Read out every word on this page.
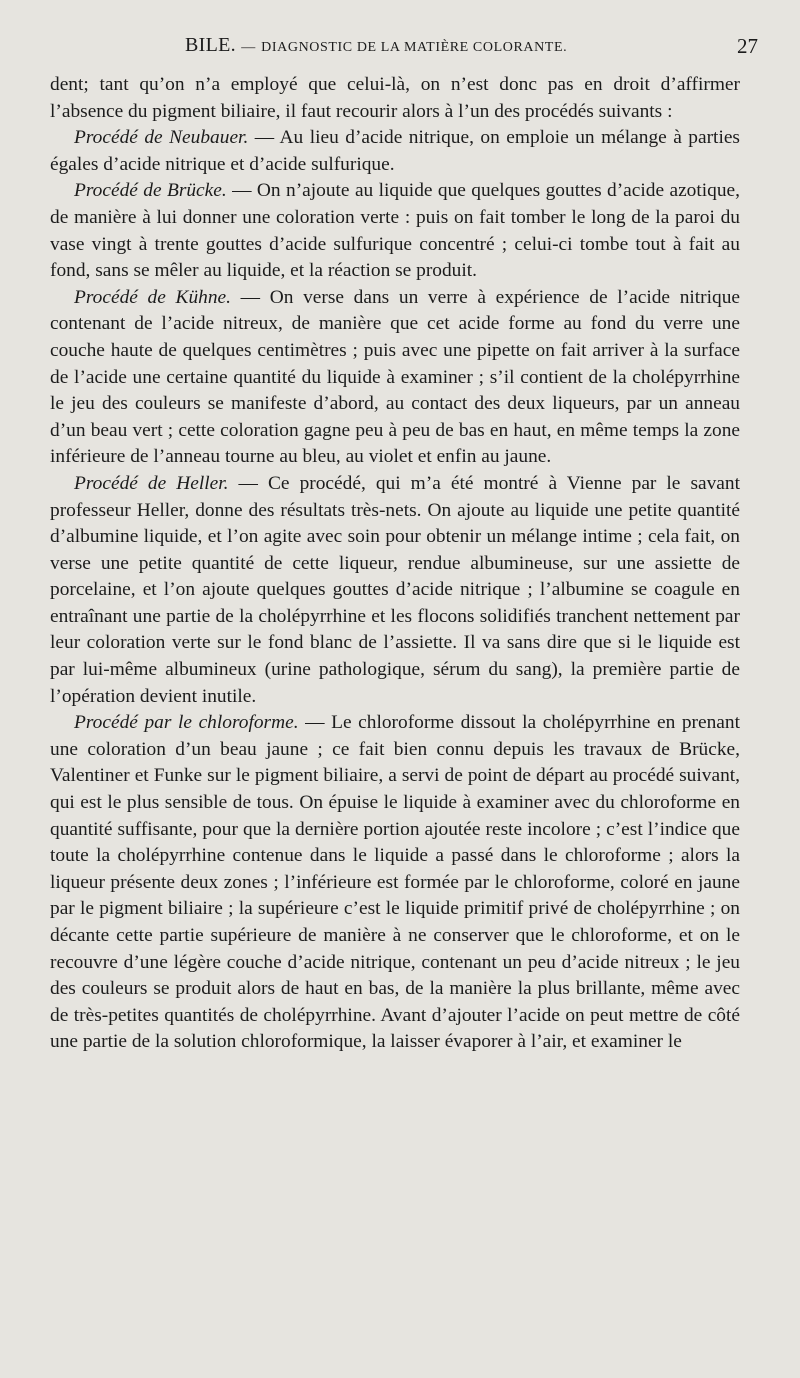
BILE. — DIAGNOSTIC DE LA MATIÈRE COLORANTE.	27

dent; tant qu’on n’a employé que celui-là, on n’est donc pas en droit d’affirmer l’absence du pigment biliaire, il faut recourir alors à l’un des procédés suivants :

Procédé de Neubauer. — Au lieu d’acide nitrique, on emploie un mélange à parties égales d’acide nitrique et d’acide sulfurique.

Procédé de Brücke. — On n’ajoute au liquide que quelques gouttes d’acide azotique, de manière à lui donner une coloration verte : puis on fait tomber le long de la paroi du vase vingt à trente gouttes d’acide sulfurique concentré ; celui-ci tombe tout à fait au fond, sans se mêler au liquide, et la réaction se produit.

Procédé de Kühne. — On verse dans un verre à expérience de l’acide nitrique contenant de l’acide nitreux, de manière que cet acide forme au fond du verre une couche haute de quelques centimètres ; puis avec une pipette on fait arriver à la surface de l’acide une certaine quantité du liquide à examiner ; s’il contient de la cholépyrrhine le jeu des couleurs se manifeste d’abord, au contact des deux liqueurs, par un anneau d’un beau vert ; cette coloration gagne peu à peu de bas en haut, en même temps la zone inférieure de l’anneau tourne au bleu, au violet et enfin au jaune.

Procédé de Heller. — Ce procédé, qui m’a été montré à Vienne par le savant professeur Heller, donne des résultats très-nets. On ajoute au liquide une petite quantité d’albumine liquide, et l’on agite avec soin pour obtenir un mélange intime ; cela fait, on verse une petite quantité de cette liqueur, rendue albumineuse, sur une assiette de porcelaine, et l’on ajoute quelques gouttes d’acide nitrique ; l’albumine se coagule en entraînant une partie de la cholépyrrhine et les flocons solidifiés tranchent nettement par leur coloration verte sur le fond blanc de l’assiette. Il va sans dire que si le liquide est par lui-même albumineux (urine pathologique, sérum du sang), la première partie de l’opération devient inutile.

Procédé par le chloroforme. — Le chloroforme dissout la cholépyrrhine en prenant une coloration d’un beau jaune ; ce fait bien connu depuis les travaux de Brücke, Valentiner et Funke sur le pigment biliaire, a servi de point de départ au procédé suivant, qui est le plus sensible de tous. On épuise le liquide à examiner avec du chloroforme en quantité suffisante, pour que la dernière portion ajoutée reste incolore ; c’est l’indice que toute la cholépyrrhine contenue dans le liquide a passé dans le chloroforme ; alors la liqueur présente deux zones ; l’inférieure est formée par le chloroforme, coloré en jaune par le pigment biliaire ; la supérieure c’est le liquide primitif privé de cholépyrrhine ; on décante cette partie supérieure de manière à ne conserver que le chloroforme, et on le recouvre d’une légère couche d’acide nitrique, contenant un peu d’acide nitreux ; le jeu des couleurs se produit alors de haut en bas, de la manière la plus brillante, même avec de très-petites quantités de cholépyrrhine. Avant d’ajouter l’acide on peut mettre de côté une partie de la solution chloroformique, la laisser évaporer à l’air, et examiner le
